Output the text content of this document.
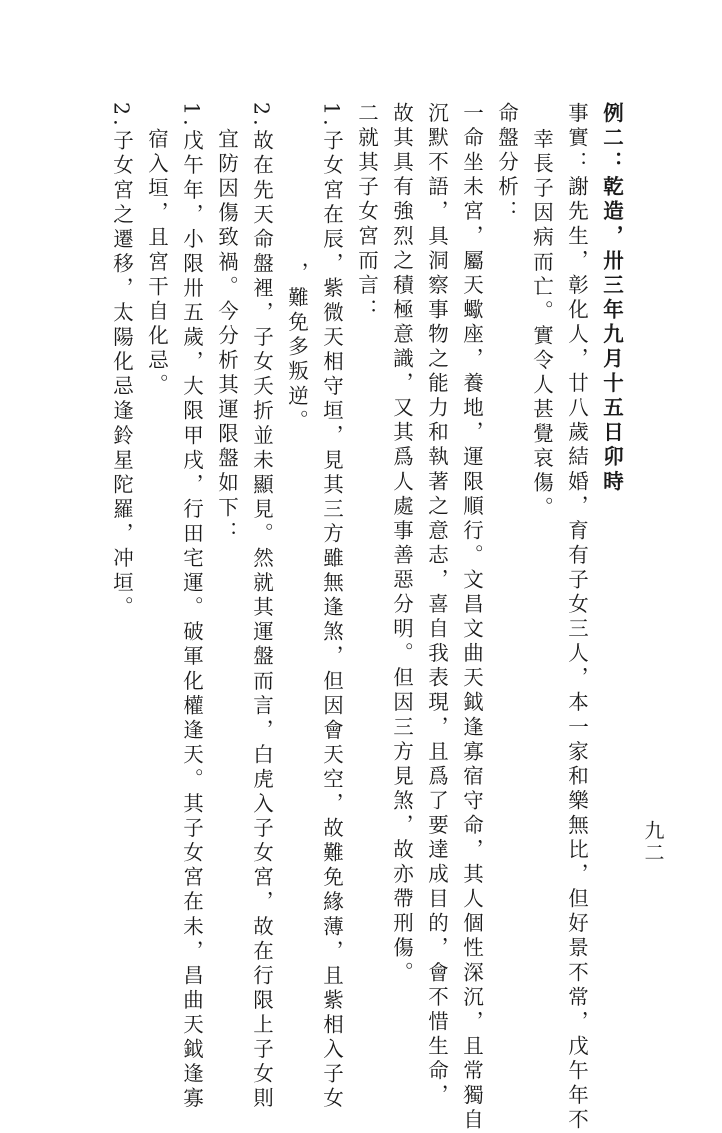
九二

例二：乾造，卅三年九月十五日卯時

事實：謝先生，彰化人，廿八歲結婚，育有子女三人，本一家和樂無比，但好景不常，戊午年不

幸長子因病而亡。實令人甚覺哀傷。

命盤分析：

一命坐未宮，屬天蠍座，養地，運限順行。文昌文曲天鉞逢寡宿守命，其人個性深沉，且常獨自

沉默不語，具洞察事物之能力和執著之意志，喜自我表現，且爲了要達成目的，會不惜生命，

故其具有強烈之積極意識，又其爲人處事善惡分明。但因三方見煞，故亦帶刑傷。

二就其子女宮而言：

1.子女宮在辰，紫微天相守垣，見其三方雖無逢煞，但因會天空，故難免緣薄，且紫相入子女

，難免多叛逆。

2.故在先天命盤裡，子女夭折並未顯見。然就其運盤而言，白虎入子女宮，故在行限上子女則

宜防因傷致禍。今分析其運限盤如下：

1.戊午年，小限卅五歲，大限甲戌，行田宅運。破軍化權逢天。其子女宮在未，昌曲天鉞逢寡

宿入垣，且宮干自化忌。

2.子女宮之遷移，太陽化忌逢鈴星陀羅，冲垣。
